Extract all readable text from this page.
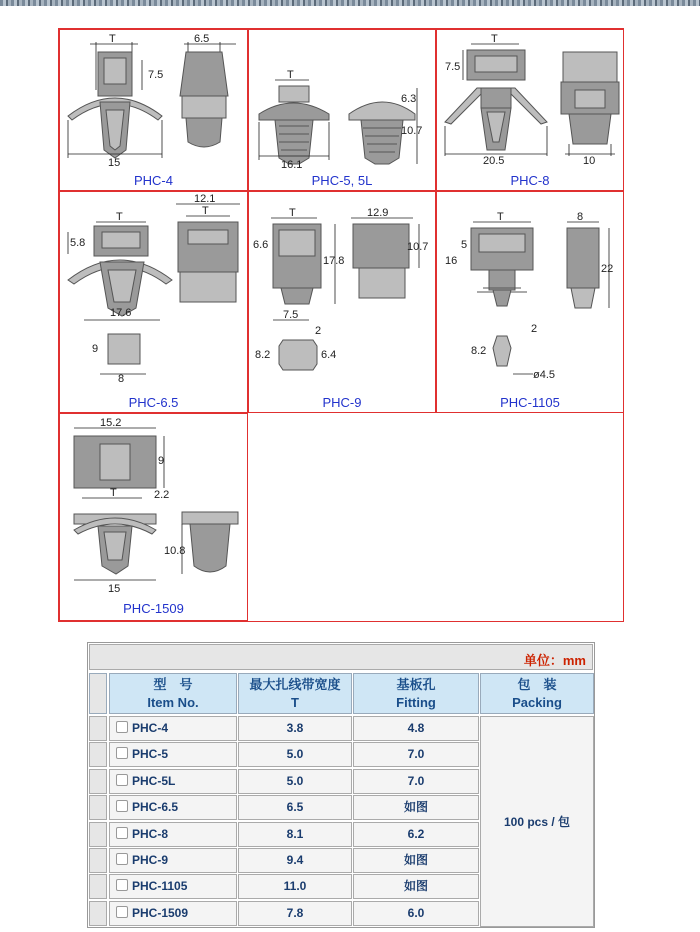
T
7.5
6.5
15
PHC-4
T
6.3
10.7
16.1
PHC-5, 5L
T
7.5
20.5	10
PHC-8
T
5.8
12.1
T
17.6
9
8
PHC-6.5
T
6.6
17.8
12.9
10.7
7.5
2
8.2	6.4
PHC-9
T
5
16
8
22
2
8.2
ø4.5
PHC-1105
15.2
9
T	2.2
10.8
15
PHC-1509
单位：mm
型　号
Item No.
最大扎线带宽度
T
基板孔
Fitting
包　装
Packing
PHC-4	3.8	4.8
PHC-5	5.0	7.0
PHC-5L	5.0	7.0
PHC-6.5	6.5	如图
PHC-8	8.1	6.2
PHC-9	9.4	如图
PHC-1105	11.0	如图
PHC-1509	7.8	6.0
100 pcs / 包
